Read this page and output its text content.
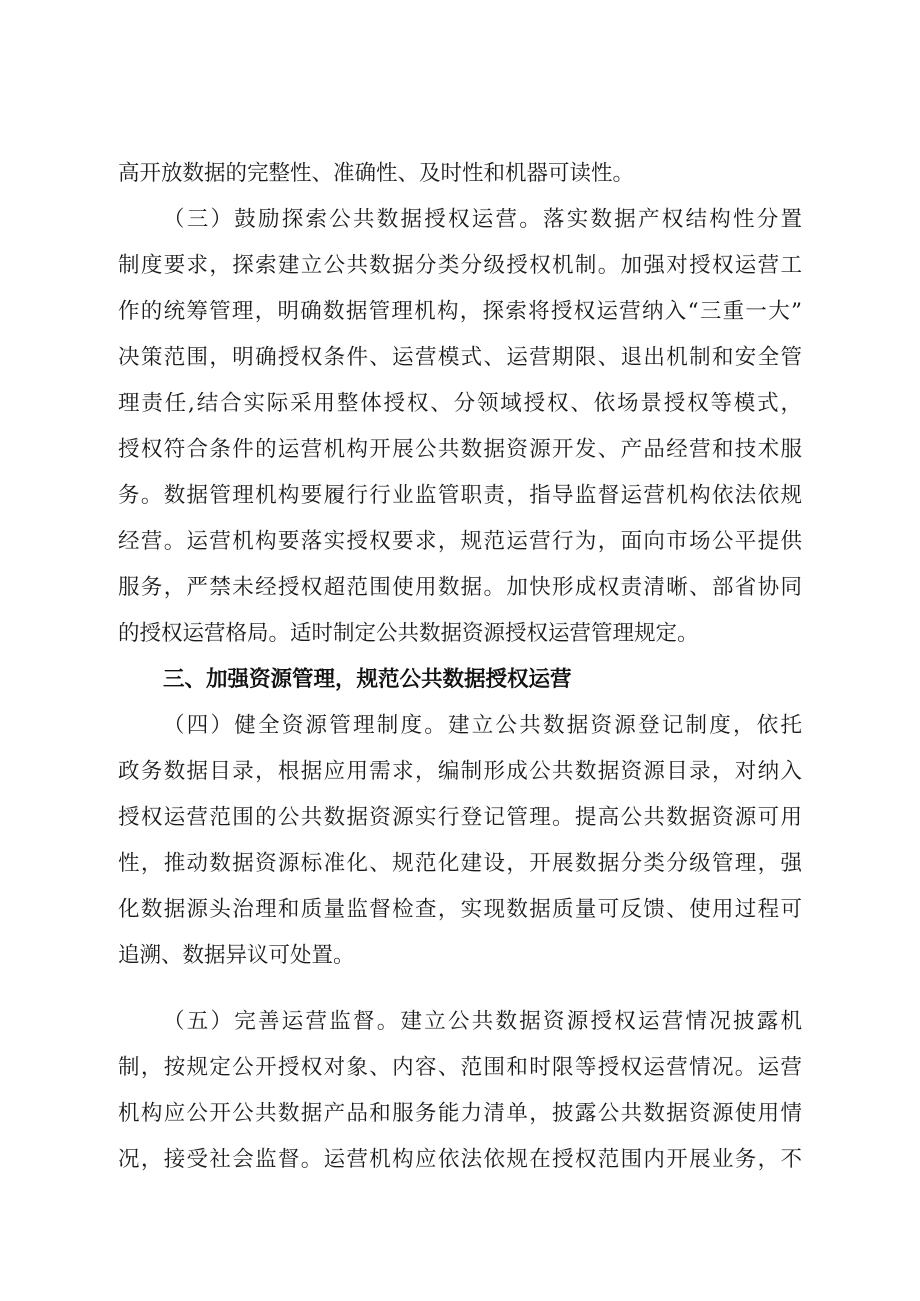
高开放数据的完整性、准确性、及时性和机器可读性。
（三）鼓励探索公共数据授权运营。落实数据产权结构性分置
制度要求，探索建立公共数据分类分级授权机制。加强对授权运营工
作的统筹管理，明确数据管理机构，探索将授权运营纳入“三重一大”
决策范围，明确授权条件、运营模式、运营期限、退出机制和安全管
理责任,结合实际采用整体授权、分领域授权、依场景授权等模式，
授权符合条件的运营机构开展公共数据资源开发、产品经营和技术服
务。数据管理机构要履行行业监管职责，指导监督运营机构依法依规
经营。运营机构要落实授权要求，规范运营行为，面向市场公平提供
服务，严禁未经授权超范围使用数据。加快形成权责清晰、部省协同
的授权运营格局。适时制定公共数据资源授权运营管理规定。
三、加强资源管理，规范公共数据授权运营
（四）健全资源管理制度。建立公共数据资源登记制度，依托
政务数据目录，根据应用需求，编制形成公共数据资源目录，对纳入
授权运营范围的公共数据资源实行登记管理。提高公共数据资源可用
性，推动数据资源标准化、规范化建设，开展数据分类分级管理，强
化数据源头治理和质量监督检查，实现数据质量可反馈、使用过程可
追溯、数据异议可处置。
（五）完善运营监督。建立公共数据资源授权运营情况披露机
制，按规定公开授权对象、内容、范围和时限等授权运营情况。运营
机构应公开公共数据产品和服务能力清单，披露公共数据资源使用情
况，接受社会监督。运营机构应依法依规在授权范围内开展业务，不
